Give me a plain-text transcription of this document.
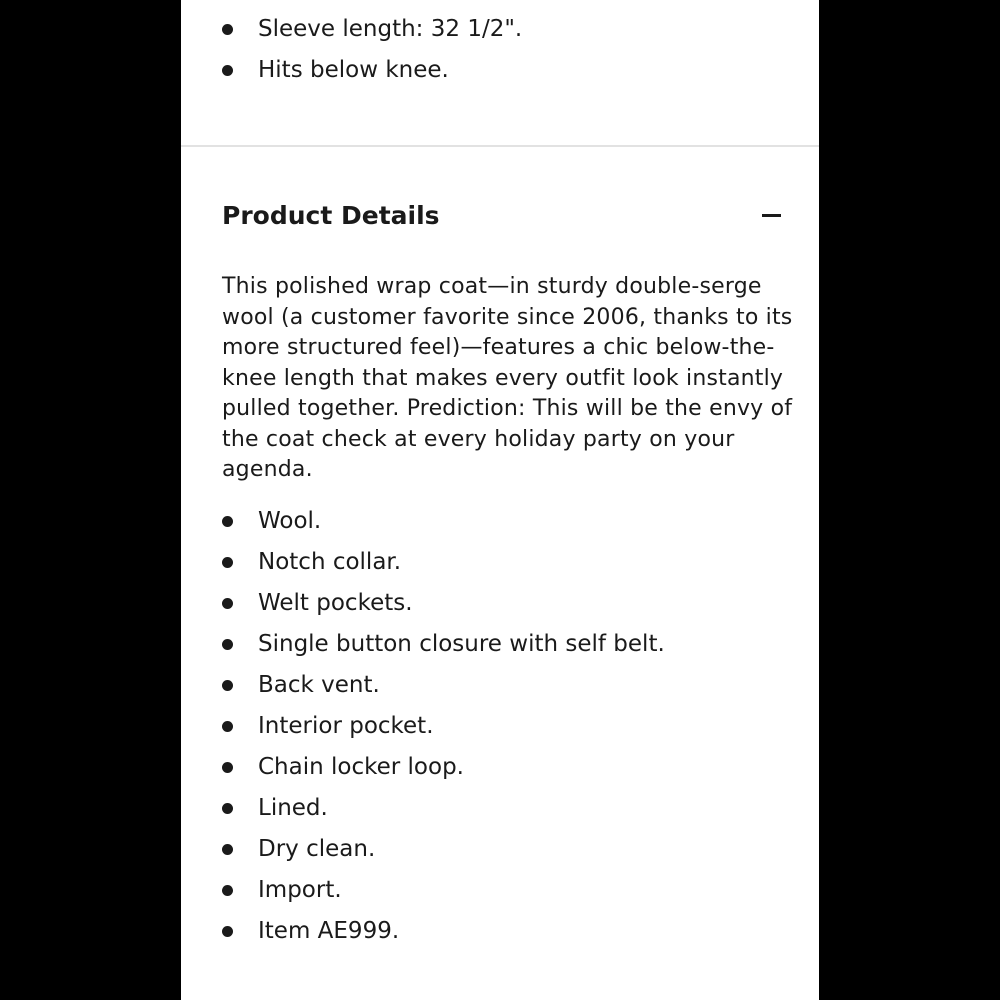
Sleeve length: 32 1/2".
Hits below knee.
Product Details

This polished wrap coat—in sturdy double-serge wool (a customer favorite since 2006, thanks to its more structured feel)—features a chic below-the-knee length that makes every outfit look instantly pulled together. Prediction: This will be the envy of the coat check at every holiday party on your agenda.

Wool.
Notch collar.
Welt pockets.
Single button closure with self belt.
Back vent.
Interior pocket.
Chain locker loop.
Lined.
Dry clean.
Import.
Item AE999.
